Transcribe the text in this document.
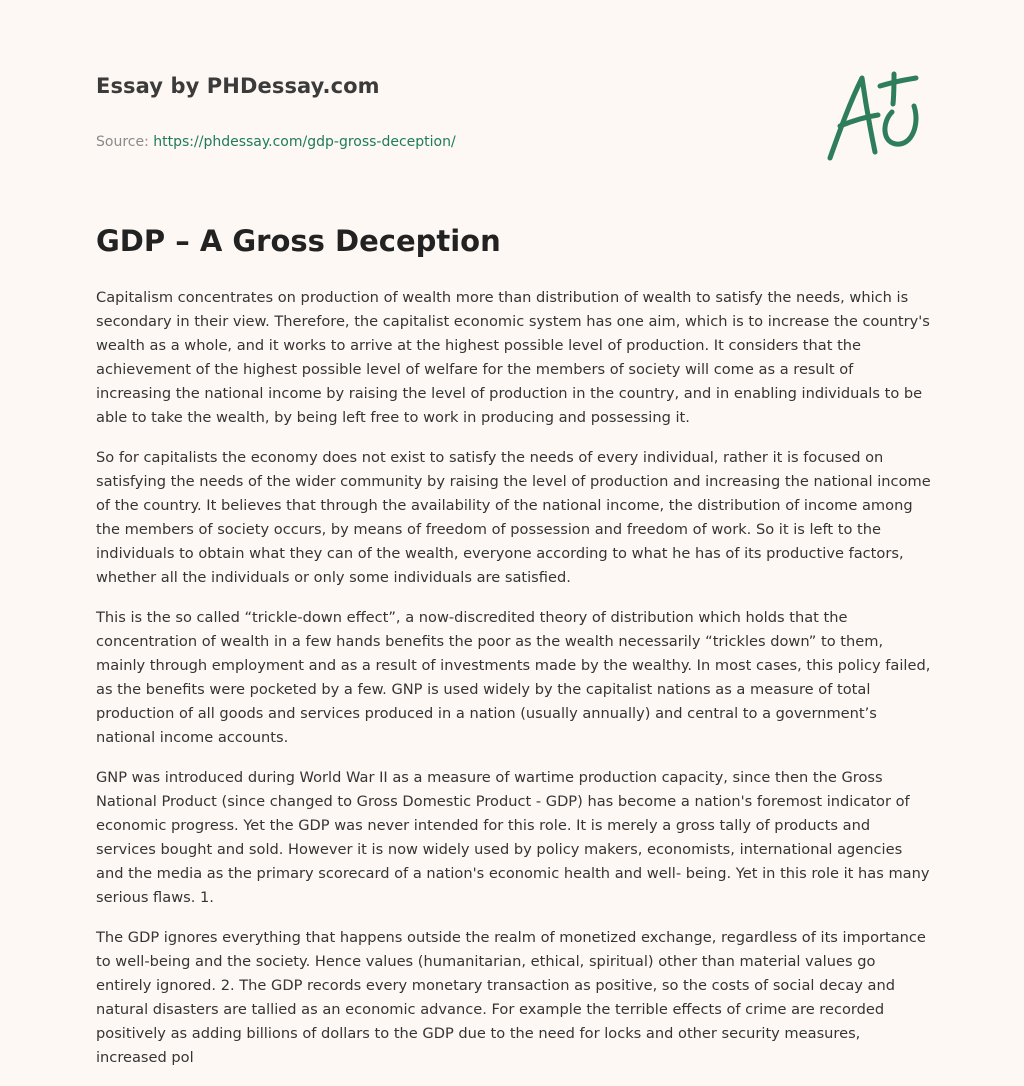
Essay by PHDessay.com
Source: https://phdessay.com/gdp-gross-deception/
GDP – A Gross Deception

Capitalism concentrates on production of wealth more than distribution of wealth to satisfy the needs, which is secondary in their view. Therefore, the capitalist economic system has one aim, which is to increase the country's wealth as a whole, and it works to arrive at the highest possible level of production. It considers that the achievement of the highest possible level of welfare for the members of society will come as a result of increasing the national income by raising the level of production in the country, and in enabling individuals to be able to take the wealth, by being left free to work in producing and possessing it.

So for capitalists the economy does not exist to satisfy the needs of every individual, rather it is focused on satisfying the needs of the wider community by raising the level of production and increasing the national income of the country. It believes that through the availability of the national income, the distribution of income among the members of society occurs, by means of freedom of possession and freedom of work. So it is left to the individuals to obtain what they can of the wealth, everyone according to what he has of its productive factors, whether all the individuals or only some individuals are satisfied.

This is the so called “trickle-down effect”, a now-discredited theory of distribution which holds that the concentration of wealth in a few hands benefits the poor as the wealth necessarily “trickles down” to them, mainly through employment and as a result of investments made by the wealthy. In most cases, this policy failed, as the benefits were pocketed by a few. GNP is used widely by the capitalist nations as a measure of total production of all goods and services produced in a nation (usually annually) and central to a government’s national income accounts.

GNP was introduced during World War II as a measure of wartime production capacity, since then the Gross National Product (since changed to Gross Domestic Product - GDP) has become a nation's foremost indicator of economic progress. Yet the GDP was never intended for this role. It is merely a gross tally of products and services bought and sold. However it is now widely used by policy makers, economists, international agencies and the media as the primary scorecard of a nation's economic health and well- being. Yet in this role it has many serious flaws. 1.

The GDP ignores everything that happens outside the realm of monetized exchange, regardless of its importance to well-being and the society. Hence values (humanitarian, ethical, spiritual) other than material values go entirely ignored. 2. The GDP records every monetary transaction as positive, so the costs of social decay and natural disasters are tallied as an economic advance. For example the terrible effects of crime are recorded positively as adding billions of dollars to the GDP due to the need for locks and other security measures, increased pol
